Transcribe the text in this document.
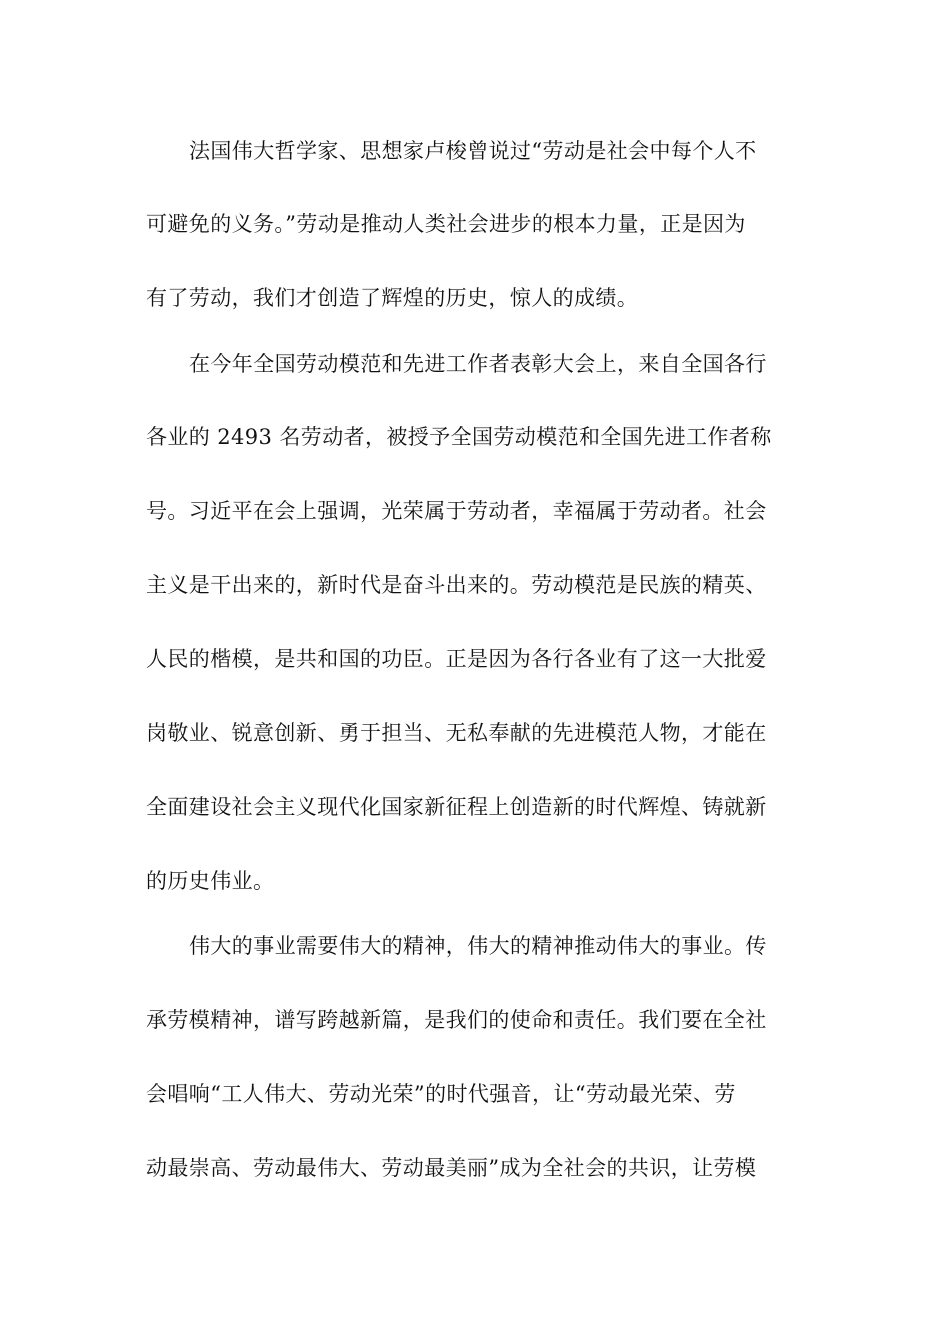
法国伟大哲学家、思想家卢梭曾说过“劳动是社会中每个人不
可避免的义务。”劳动是推动人类社会进步的根本力量，正是因为
有了劳动，我们才创造了辉煌的历史，惊人的成绩。
在今年全国劳动模范和先进工作者表彰大会上，来自全国各行
各业的 2493 名劳动者，被授予全国劳动模范和全国先进工作者称
号。习近平在会上强调，光荣属于劳动者，幸福属于劳动者。社会
主义是干出来的，新时代是奋斗出来的。劳动模范是民族的精英、
人民的楷模，是共和国的功臣。正是因为各行各业有了这一大批爱
岗敬业、锐意创新、勇于担当、无私奉献的先进模范人物，才能在
全面建设社会主义现代化国家新征程上创造新的时代辉煌、铸就新
的历史伟业。
伟大的事业需要伟大的精神，伟大的精神推动伟大的事业。传
承劳模精神，谱写跨越新篇，是我们的使命和责任。我们要在全社
会唱响“工人伟大、劳动光荣”的时代强音，让“劳动最光荣、劳
动最崇高、劳动最伟大、劳动最美丽”成为全社会的共识，让劳模
